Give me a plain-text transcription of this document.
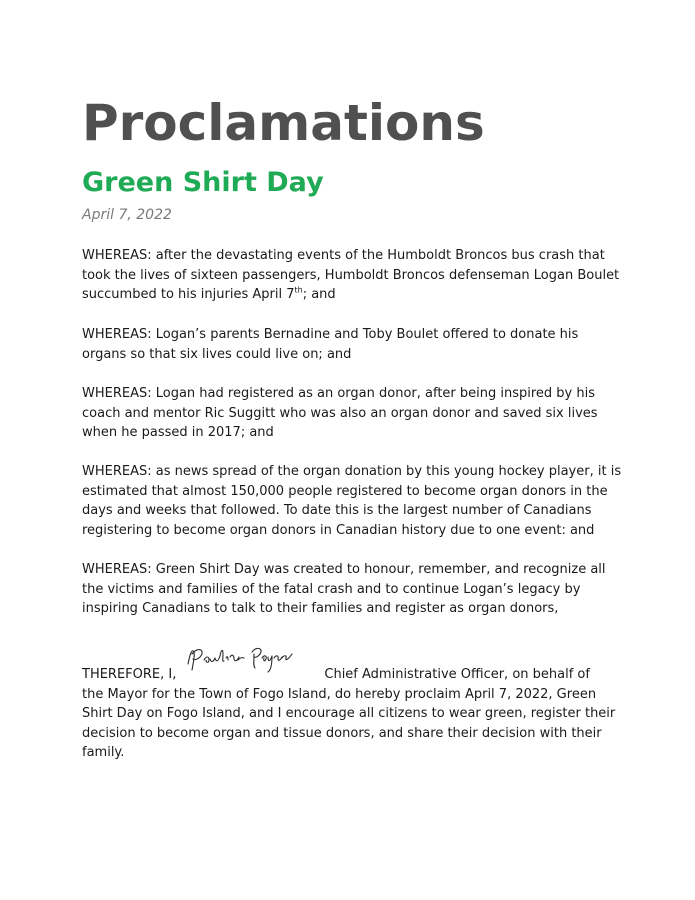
Proclamations
Green Shirt Day
April 7, 2022

WHEREAS: after the devastating events of the Humboldt Broncos bus crash that
took the lives of sixteen passengers, Humboldt Broncos defenseman Logan Boulet
succumbed to his injuries April 7th; and

WHEREAS: Logan’s parents Bernadine and Toby Boulet offered to donate his
organs so that six lives could live on; and

WHEREAS: Logan had registered as an organ donor, after being inspired by his
coach and mentor Ric Suggitt who was also an organ donor and saved six lives
when he passed in 2017; and

WHEREAS: as news spread of the organ donation by this young hockey player, it is
estimated that almost 150,000 people registered to become organ donors in the
days and weeks that followed. To date this is the largest number of Canadians
registering to become organ donors in Canadian history due to one event: and

WHEREAS: Green Shirt Day was created to honour, remember, and recognize all
the victims and families of the fatal crash and to continue Logan’s legacy by
inspiring Canadians to talk to their families and register as organ donors,

THEREFORE, I,	Chief Administrative Officer, on behalf of
the Mayor for the Town of Fogo Island, do hereby proclaim April 7, 2022, Green
Shirt Day on Fogo Island, and I encourage all citizens to wear green, register their
decision to become organ and tissue donors, and share their decision with their
family.
